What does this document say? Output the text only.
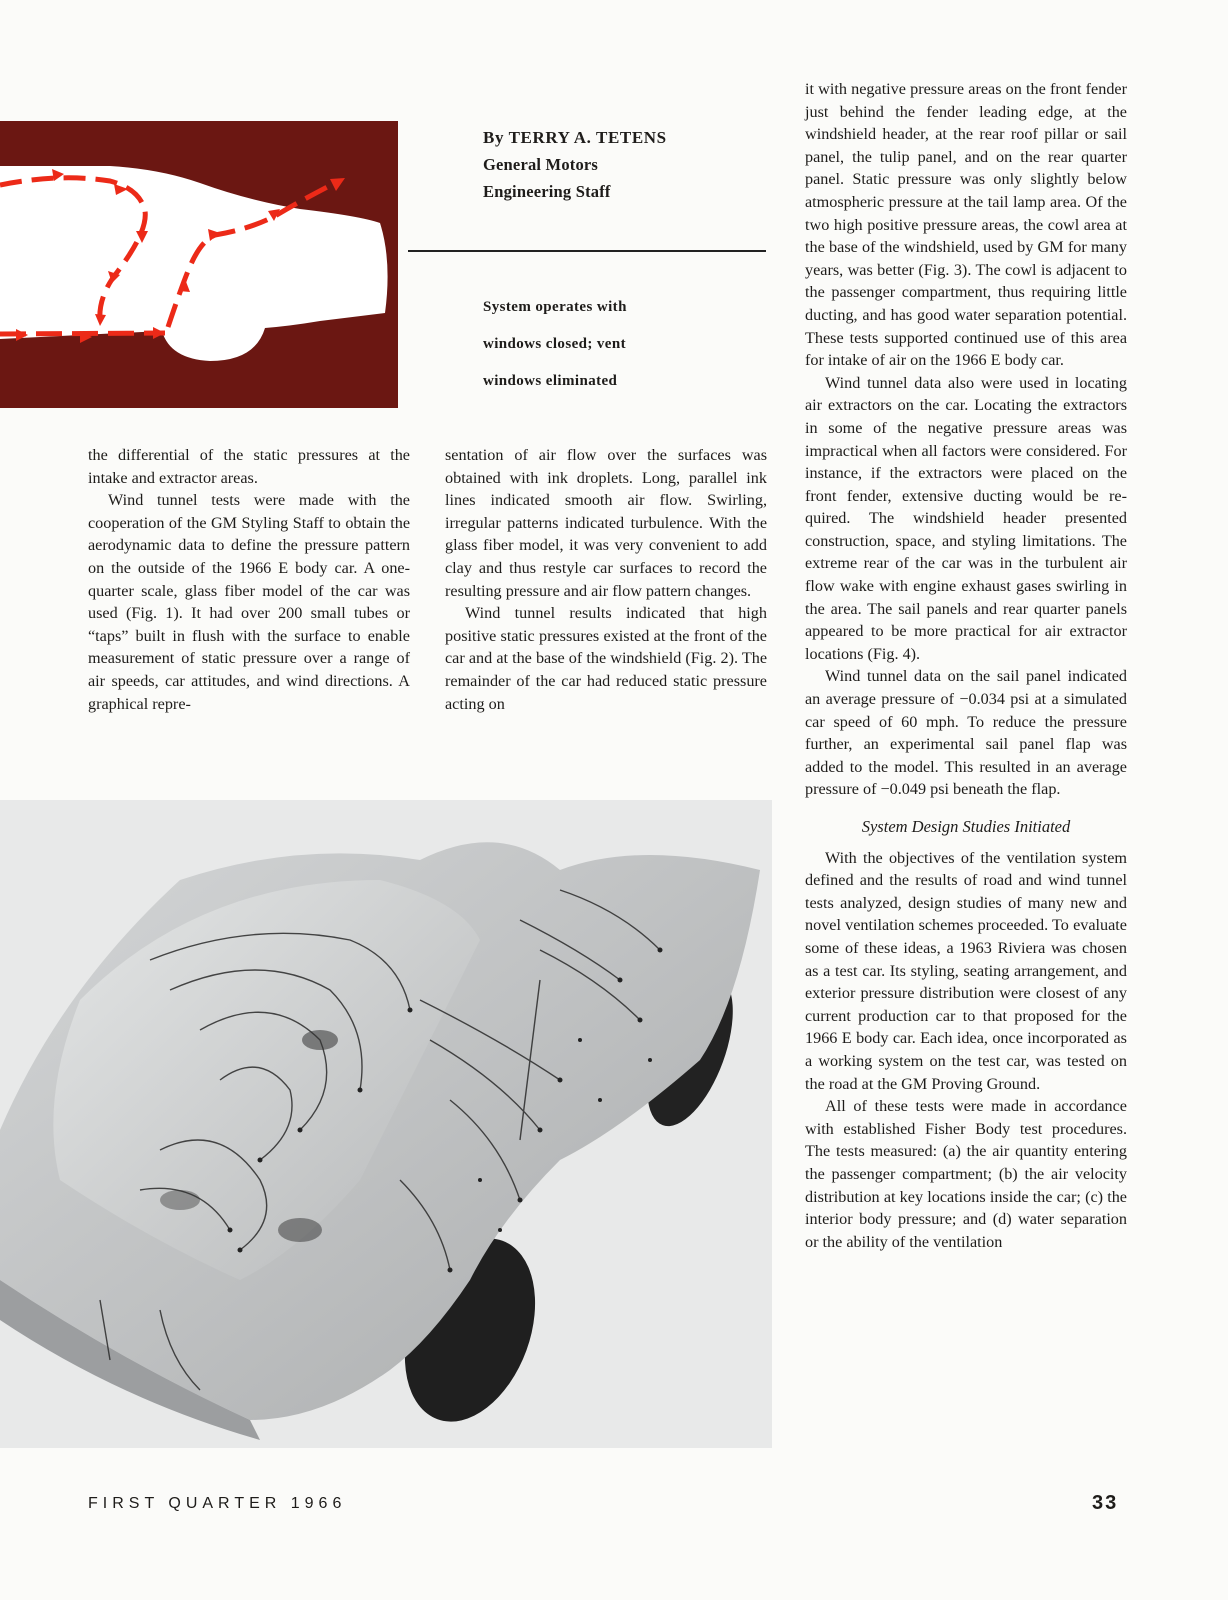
By TERRY A. TETENS
General Motors
Engineering Staff
System operates with
windows closed; vent
windows eliminated

the differential of the static pressures at the intake and extractor areas.

Wind tunnel tests were made with the cooperation of the GM Styling Staff to obtain the aerodynamic data to define the pressure pattern on the outside of the 1966 E body car. A one-quarter scale, glass fiber model of the car was used (Fig. 1). It had over 200 small tubes or “taps” built in flush with the surface to enable measurement of static pressure over a range of air speeds, car attitudes, and wind directions. A graphical repre-

sentation of air flow over the surfaces was obtained with ink droplets. Long, parallel ink lines indicated smooth air flow. Swirling, irregular patterns indicated turbulence. With the glass fiber model, it was very convenient to add clay and thus restyle car surfaces to record the resulting pressure and air flow pattern changes.

Wind tunnel results indicated that high positive static pressures existed at the front of the car and at the base of the windshield (Fig. 2). The remainder of the car had reduced static pressure acting on

it with negative pressure areas on the front fender just behind the fender leading edge, at the windshield header, at the rear roof pillar or sail panel, the tulip panel, and on the rear quarter panel. Static pressure was only slightly below atmospheric pressure at the tail lamp area. Of the two high positive pressure areas, the cowl area at the base of the windshield, used by GM for many years, was better (Fig. 3). The cowl is adjacent to the passenger compartment, thus requiring little ducting, and has good water separation potential. These tests supported continued use of this area for intake of air on the 1966 E body car.

Wind tunnel data also were used in locating air extractors on the car. Locating the extractors in some of the negative pressure areas was impractical when all factors were considered. For instance, if the extractors were placed on the front fender, extensive ducting would be required. The windshield header presented construction, space, and styling limitations. The extreme rear of the car was in the turbulent air flow wake with engine exhaust gases swirling in the area. The sail panels and rear quarter panels appeared to be more practical for air extractor locations (Fig. 4).

Wind tunnel data on the sail panel indicated an average pressure of −0.034 psi at a simulated car speed of 60 mph. To reduce the pressure further, an experimental sail panel flap was added to the model. This resulted in an average pressure of −0.049 psi beneath the flap.

System Design Studies Initiated

With the objectives of the ventilation system defined and the results of road and wind tunnel tests analyzed, design studies of many new and novel ventilation schemes proceeded. To evaluate some of these ideas, a 1963 Riviera was chosen as a test car. Its styling, seating arrangement, and exterior pressure distribution were closest of any current production car to that proposed for the 1966 E body car. Each idea, once incorporated as a working system on the test car, was tested on the road at the GM Proving Ground.

All of these tests were made in accordance with established Fisher Body test procedures. The tests measured: (a) the air quantity entering the passenger compartment; (b) the air velocity distribution at key locations inside the car; (c) the interior body pressure; and (d) water separation or the ability of the ventilation

FIRST QUARTER 1966	33
